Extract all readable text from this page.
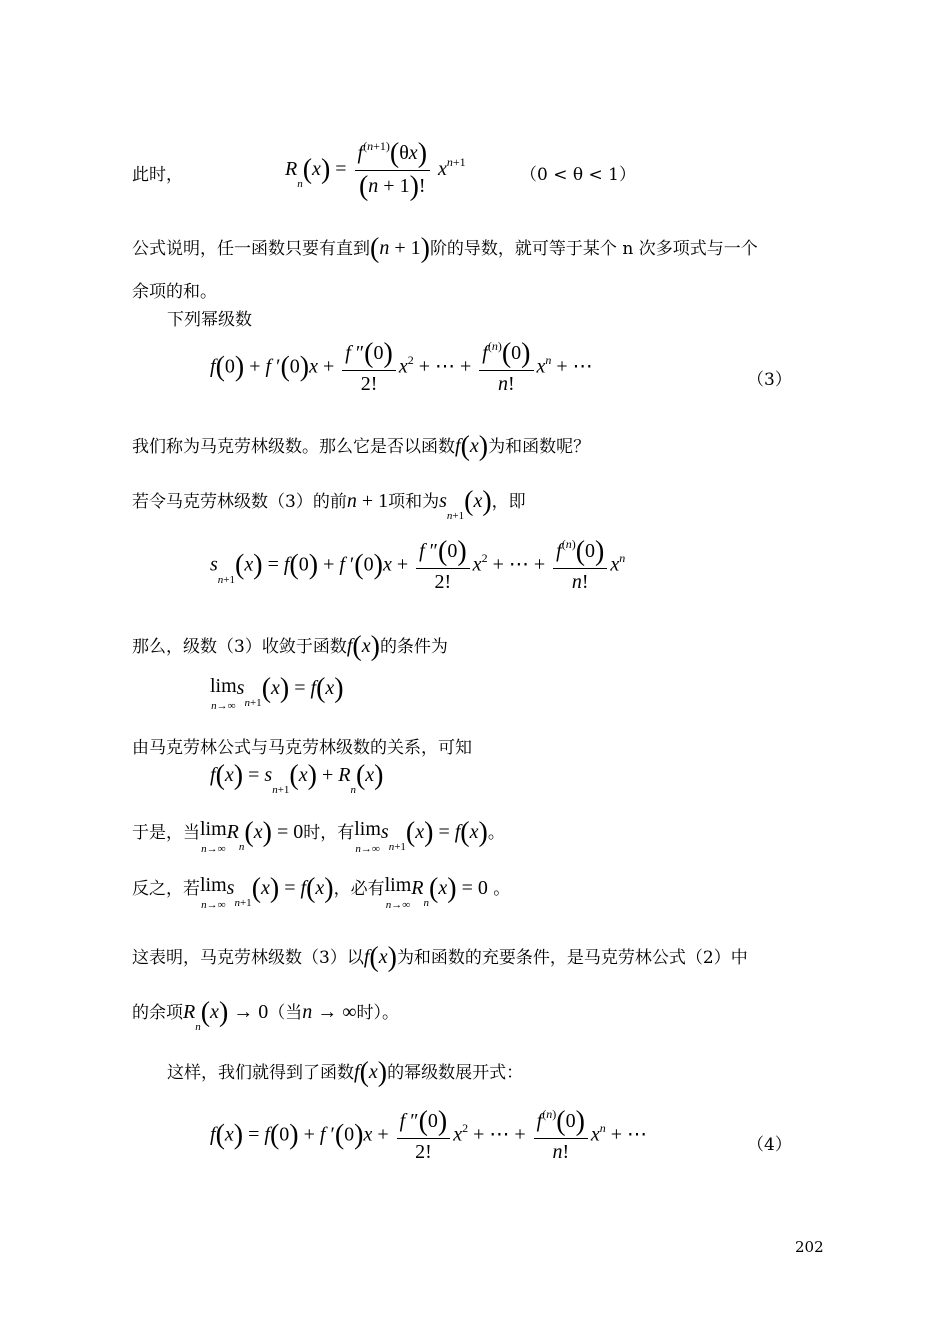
此时，	$R_n(x) = \frac{f^{(n+1)}(\theta x)}{(n + 1)!} x^{n+1}$
（0 < θ < 1）
公式说明，任一函数只要有直到(n + 1)阶的导数，就可等于某个 n 次多项式与一个
余项的和。
下列幂级数
f(0) + f $'(0)x + \frac{f ''(0)}{2!} x^2$ + ⋯ + $\frac{f^{(n)}(0)}{n!} x^n$ + ⋯
（3）
我们称为马克劳林级数。那么它是否以函数f(x)为和函数呢？
若令马克劳林级数（3）的前n + 1项和为$s_{n+1}(x)$，即
$s_{n+1}(x) = f(0) + f$ $'(0)x + \frac{f ''(0)}{2!} x^2$ + ⋯ + $\frac{f^{(n)}(0)}{n!} x^n$
那么，级数（3）收敛于函数f(x)的条件为
lim
n→∞
$s_{n+1}(x) = f(x)$
由马克劳林公式与马克劳林级数的关系，可知
$f(x) = s_{n+1}(x) + R_n(x)$
于是，当lim
n→∞
$R_n(x) = 0$时，有lim
n→∞
$s_{n+1}(x) = f(x)$。
反之，若lim
n→∞
$s_{n+1}(x) = f(x)$，必有lim
n→∞
$R_n(x) = 0$ 。
这表明，马克劳林级数（3）以f(x)为和函数的充要条件，是马克劳林公式（2）中
的余项$R_n(x) \to 0$（当n → ∞时）。
这样，我们就得到了函数f(x)的幂级数展开式：
f(x) = f(0) + f $'(0)x + \frac{f ''(0)}{2!} x^2$ + ⋯ + $\frac{f^{(n)}(0)}{n!} x^n$ + ⋯	（4）
202
